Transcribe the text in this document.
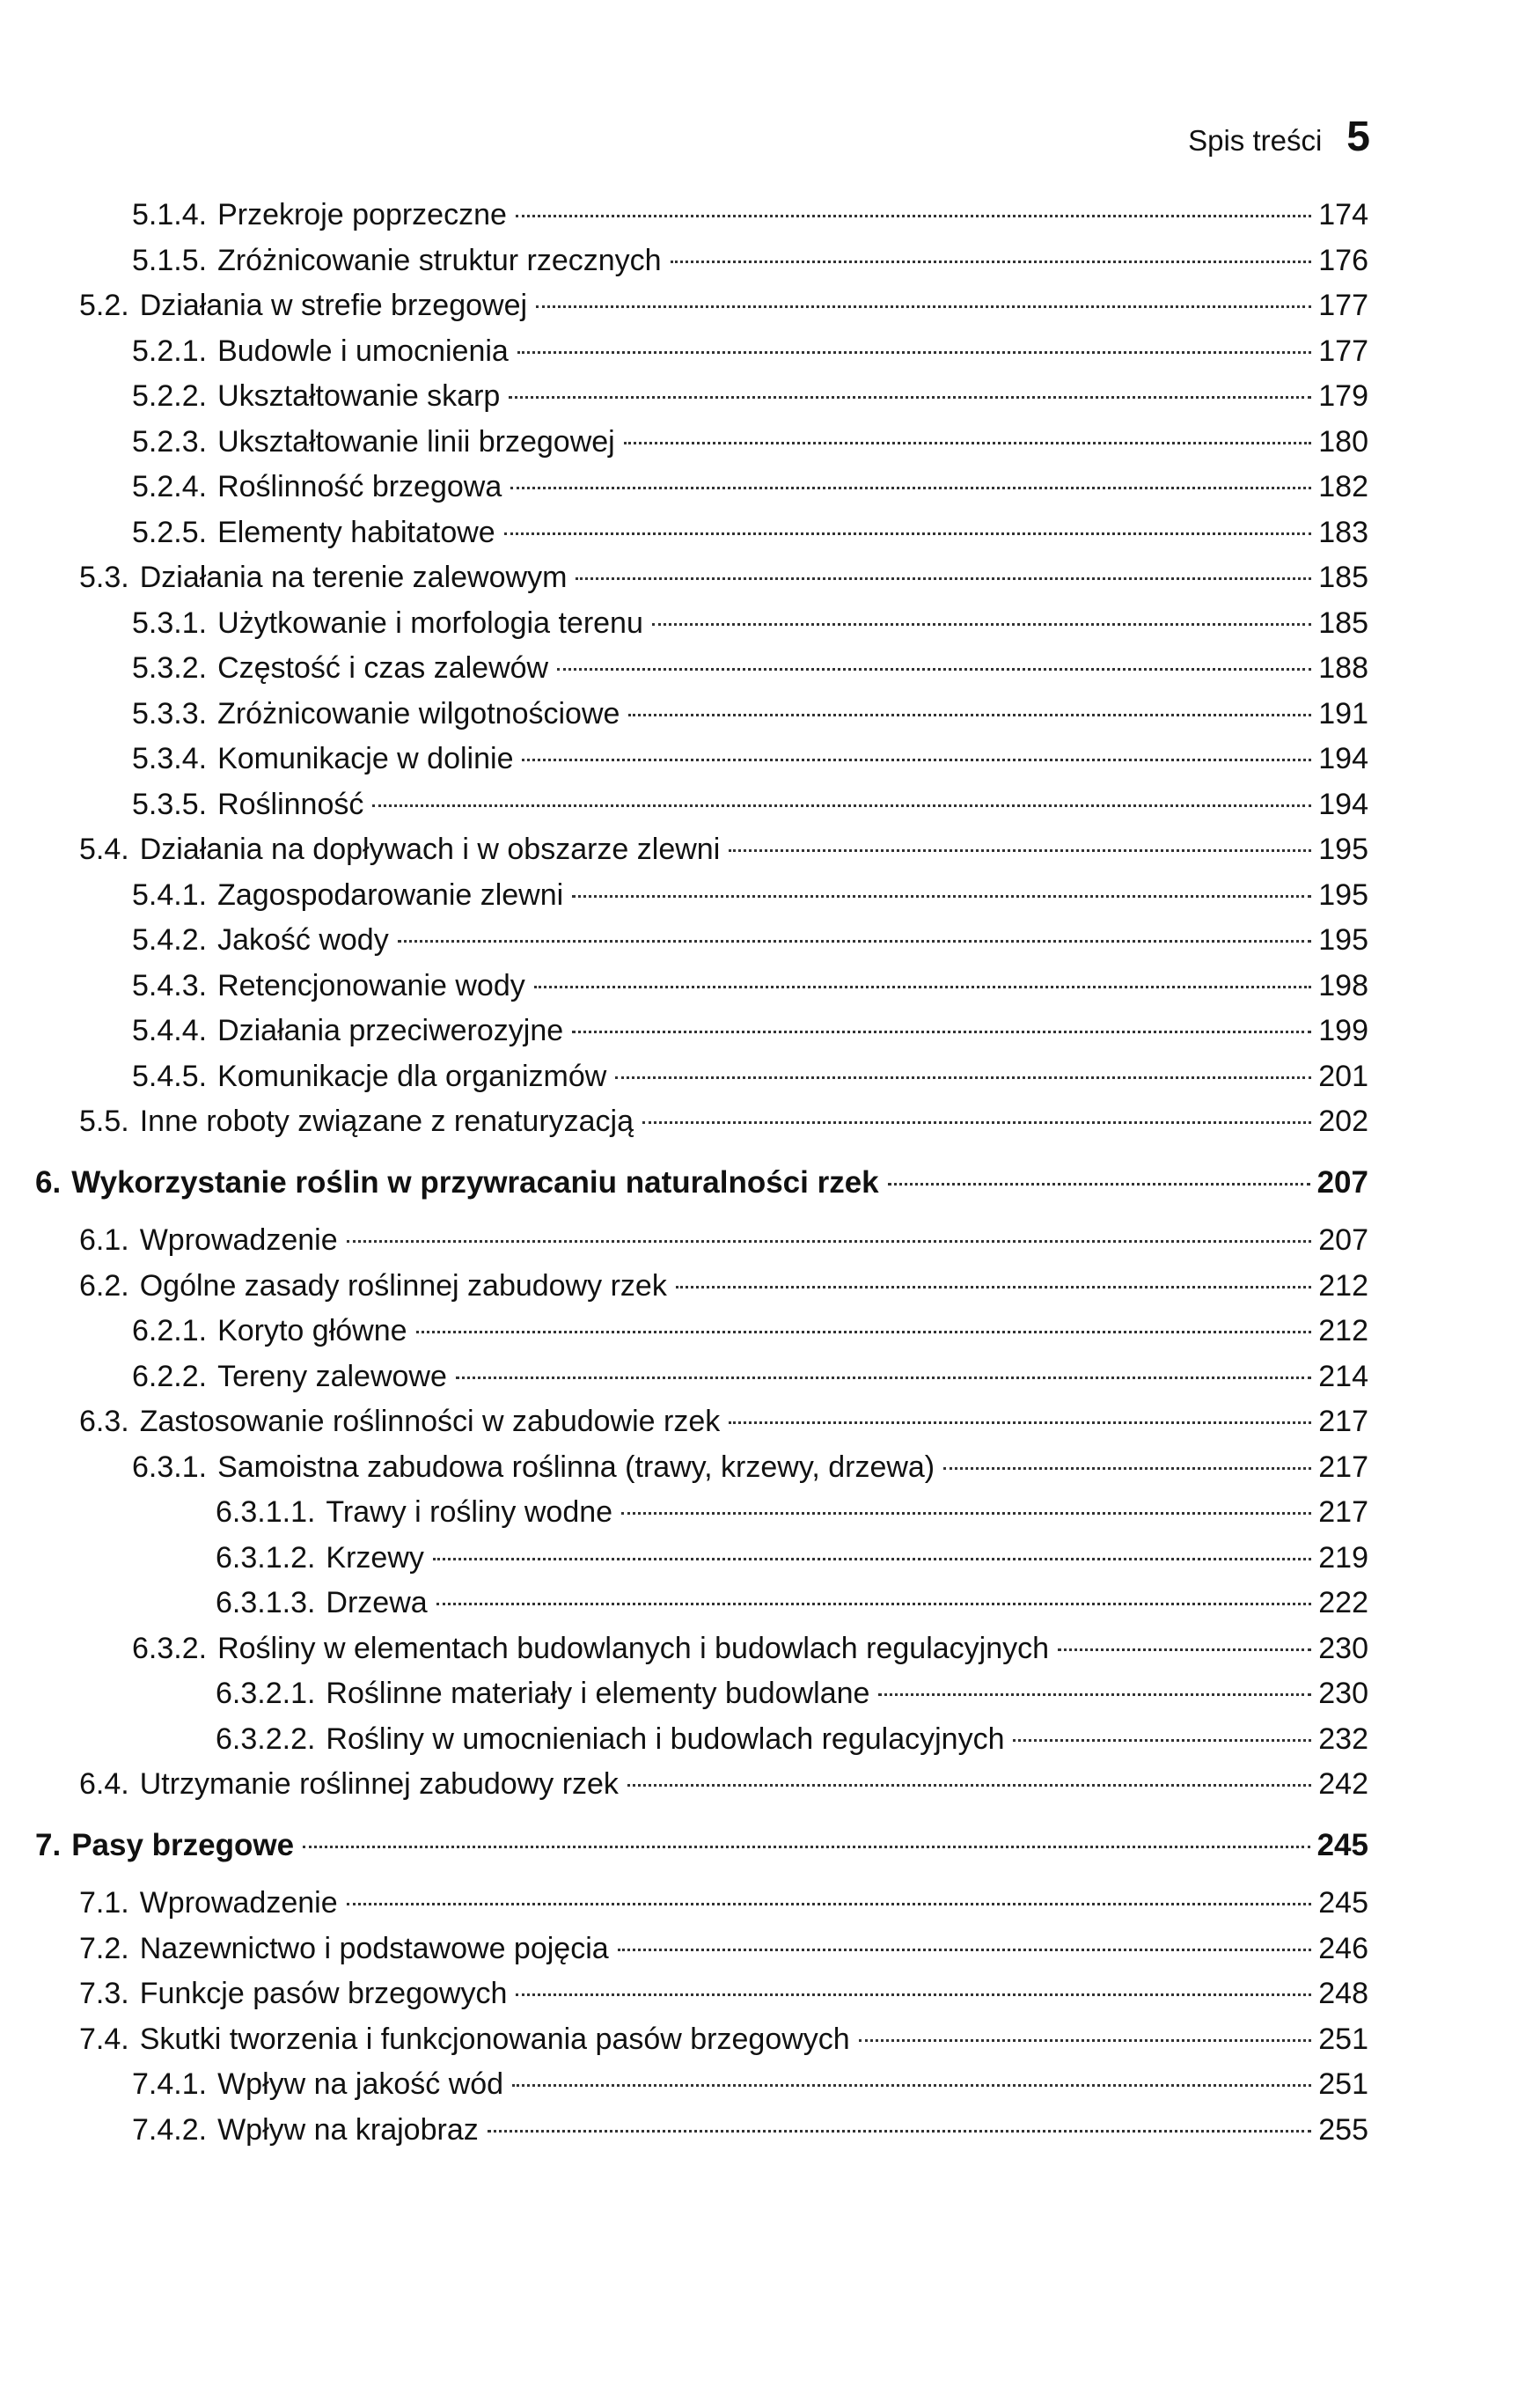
Spis treści 5
5.1.4. Przekroje poprzeczne	174
5.1.5. Zróżnicowanie struktur rzecznych	176
5.2. Działania w strefie brzegowej	177
5.2.1. Budowle i umocnienia	177
5.2.2. Ukształtowanie skarp	179
5.2.3. Ukształtowanie linii brzegowej	180
5.2.4. Roślinność brzegowa	182
5.2.5. Elementy habitatowe	183
5.3. Działania na terenie zalewowym	185
5.3.1. Użytkowanie i morfologia terenu	185
5.3.2. Częstość i czas zalewów	188
5.3.3. Zróżnicowanie wilgotnościowe	191
5.3.4. Komunikacje w dolinie	194
5.3.5. Roślinność	194
5.4. Działania na dopływach i w obszarze zlewni	195
5.4.1. Zagospodarowanie zlewni	195
5.4.2. Jakość wody	195
5.4.3. Retencjonowanie wody	198
5.4.4. Działania przeciwerozyjne	199
5.4.5. Komunikacje dla organizmów	201
5.5. Inne roboty związane z renaturyzacją	202
6. Wykorzystanie roślin w przywracaniu naturalności rzek	207
6.1. Wprowadzenie	207
6.2. Ogólne zasady roślinnej zabudowy rzek	212
6.2.1. Koryto główne	212
6.2.2. Tereny zalewowe	214
6.3. Zastosowanie roślinności w zabudowie rzek	217
6.3.1. Samoistna zabudowa roślinna (trawy, krzewy, drzewa)	217
6.3.1.1. Trawy i rośliny wodne	217
6.3.1.2. Krzewy	219
6.3.1.3. Drzewa	222
6.3.2. Rośliny w elementach budowlanych i budowlach regulacyjnych	230
6.3.2.1. Roślinne materiały i elementy budowlane	230
6.3.2.2. Rośliny w umocnieniach i budowlach regulacyjnych	232
6.4. Utrzymanie roślinnej zabudowy rzek	242
7. Pasy brzegowe	245
7.1. Wprowadzenie	245
7.2. Nazewnictwo i podstawowe pojęcia	246
7.3. Funkcje pasów brzegowych	248
7.4. Skutki tworzenia i funkcjonowania pasów brzegowych	251
7.4.1. Wpływ na jakość wód	251
7.4.2. Wpływ na krajobraz	255
